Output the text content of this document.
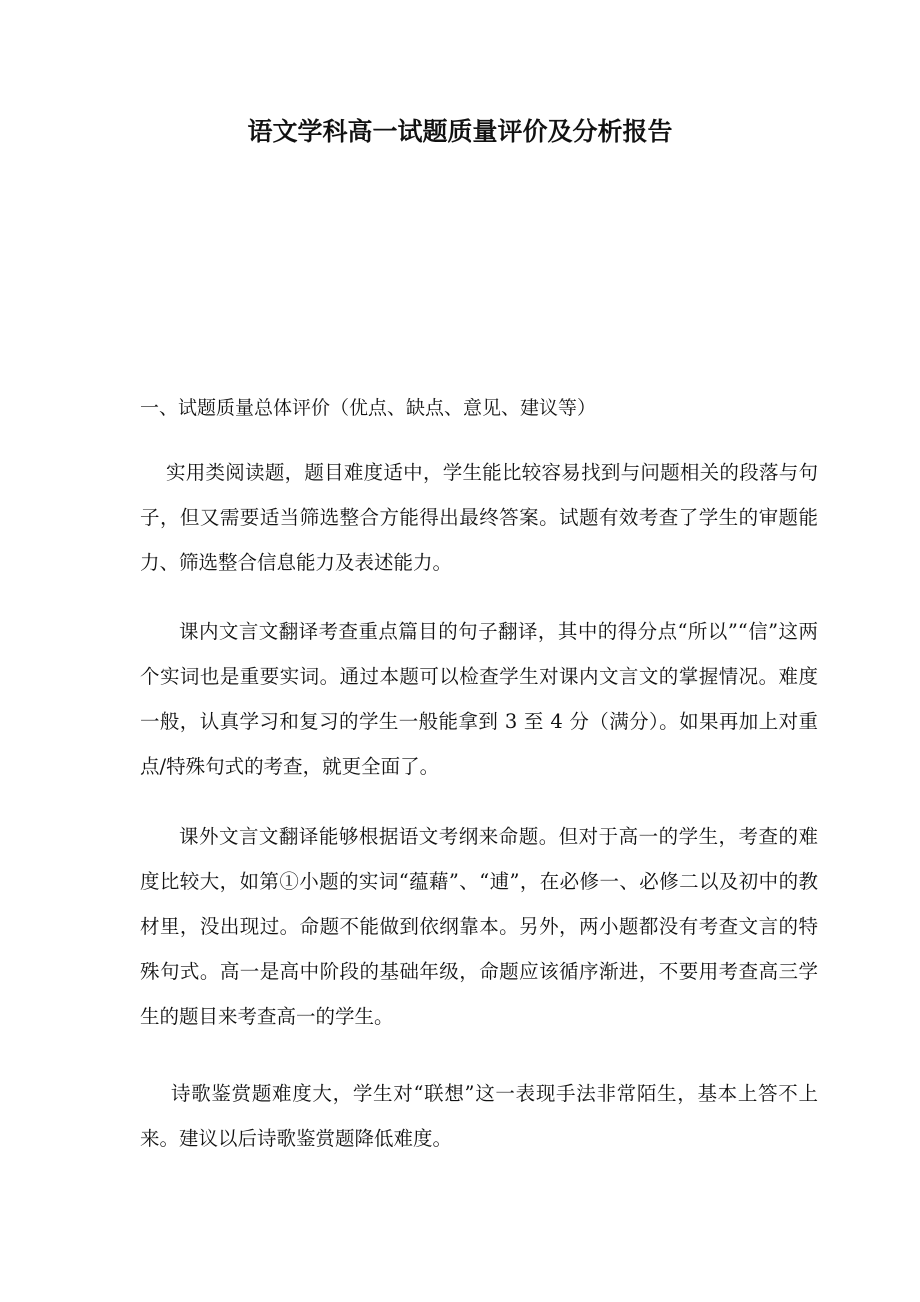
语文学科高一试题质量评价及分析报告
一、试题质量总体评价（优点、缺点、意见、建议等）
实用类阅读题，题目难度适中，学生能比较容易找到与问题相关的段落与句子，但又需要适当筛选整合方能得出最终答案。试题有效考查了学生的审题能力、筛选整合信息能力及表述能力。
课内文言文翻译考查重点篇目的句子翻译，其中的得分点“所以”“信”这两个实词也是重要实词。通过本题可以检查学生对课内文言文的掌握情况。难度一般，认真学习和复习的学生一般能拿到 3 至 4 分（满分）。如果再加上对重点/特殊句式的考查，就更全面了。
课外文言文翻译能够根据语文考纲来命题。但对于高一的学生，考查的难度比较大，如第①小题的实词“蕴藉”、“逋”，在必修一、必修二以及初中的教材里，没出现过。命题不能做到依纲靠本。另外，两小题都没有考查文言的特殊句式。高一是高中阶段的基础年级，命题应该循序渐进，不要用考查高三学生的题目来考查高一的学生。
诗歌鉴赏题难度大，学生对“联想”这一表现手法非常陌生，基本上答不上来。建议以后诗歌鉴赏题降低难度。
